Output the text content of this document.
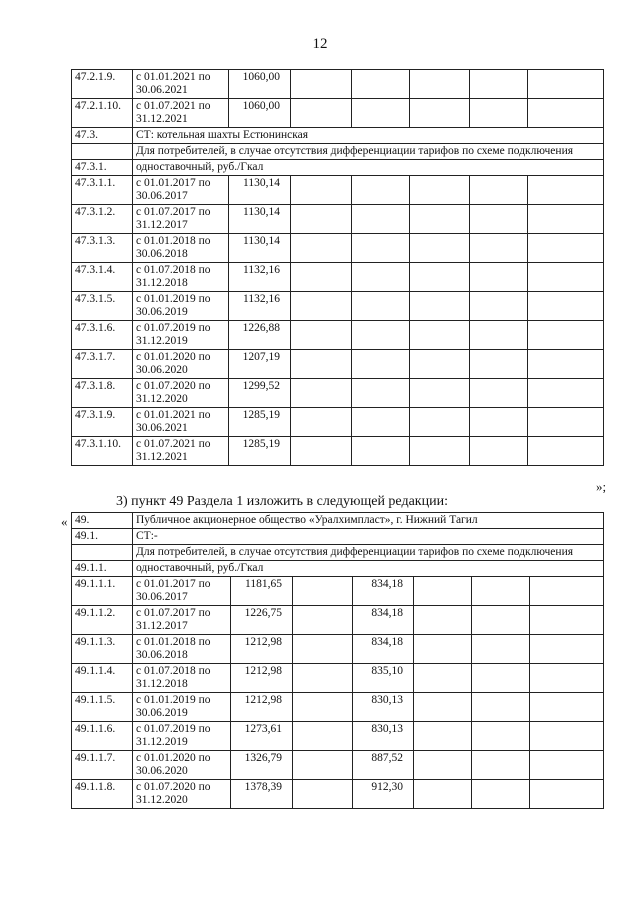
12
47.2.1.9.	с 01.01.2021 по
30.06.2021	1060,00					
47.2.1.10.	с 01.07.2021 по
31.12.2021	1060,00					
47.3.	СТ: котельная шахты Естюнинская						
	Для потребителей, в случае отсутствия дифференциации тарифов по схеме подключения						
47.3.1.	одноставочный, руб./Гкал						
47.3.1.1.	с 01.01.2017 по
30.06.2017	1130,14					
47.3.1.2.	с 01.07.2017 по
31.12.2017	1130,14					
47.3.1.3.	с 01.01.2018 по
30.06.2018	1130,14					
47.3.1.4.	с 01.07.2018 по
31.12.2018	1132,16					
47.3.1.5.	с 01.01.2019 по
30.06.2019	1132,16					
47.3.1.6.	с 01.07.2019 по
31.12.2019	1226,88					
47.3.1.7.	с 01.01.2020 по
30.06.2020	1207,19					
47.3.1.8.	с 01.07.2020 по
31.12.2020	1299,52					
47.3.1.9.	с 01.01.2021 по
30.06.2021	1285,19					
47.3.1.10.	с 01.07.2021 по
31.12.2021	1285,19					
»;
3) пункт 49 Раздела 1 изложить в следующей редакции:
« 49.	Публичное акционерное общество «Уралхимпласт», г. Нижний Тагил						
49.1.	СТ:-						
	Для потребителей, в случае отсутствия дифференциации тарифов по схеме подключения						
49.1.1.	одноставочный, руб./Гкал						
49.1.1.1.	с 01.01.2017 по
30.06.2017	1181,65		834,18			
49.1.1.2.	с 01.07.2017 по
31.12.2017	1226,75		834,18			
49.1.1.3.	с 01.01.2018 по
30.06.2018	1212,98		834,18			
49.1.1.4.	с 01.07.2018 по
31.12.2018	1212,98		835,10			
49.1.1.5.	с 01.01.2019 по
30.06.2019	1212,98		830,13			
49.1.1.6.	с 01.07.2019 по
31.12.2019	1273,61		830,13			
49.1.1.7.	с 01.01.2020 по
30.06.2020	1326,79		887,52			
49.1.1.8.	с 01.07.2020 по
31.12.2020	1378,39		912,30			
